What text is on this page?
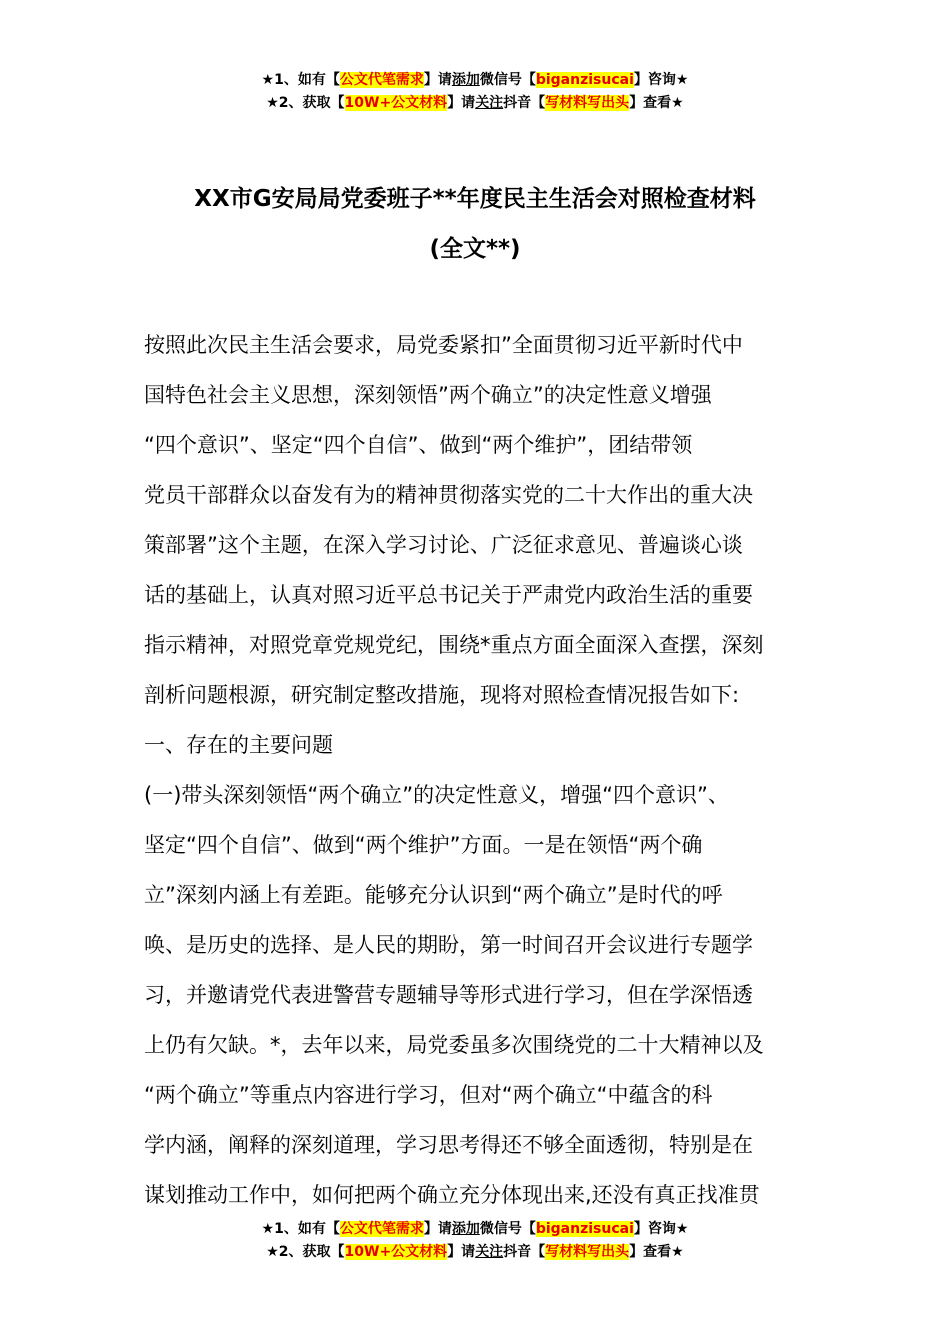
★1、如有【公文代笔需求】请添加微信号【biganzisucai】咨询★
★2、获取【10W+公文材料】请关注抖音【写材料写出头】查看★
XX市G安局局党委班子**年度民主生活会对照检查材料
(全文**)
按照此次民主生活会要求，局党委紧扣”全面贯彻习近平新时代中
国特色社会主义思想，深刻领悟”两个确立”的决定性意义增强
“四个意识”、坚定“四个自信”、做到“两个维护”，团结带领
党员干部群众以奋发有为的精神贯彻落实党的二十大作出的重大决
策部署”这个主题，在深入学习讨论、广泛征求意见、普遍谈心谈
话的基础上，认真对照习近平总书记关于严肃党内政治生活的重要
指示精神，对照党章党规党纪，围绕*重点方面全面深入查摆，深刻
剖析问题根源，研究制定整改措施，现将对照检查情况报告如下:
一、存在的主要问题
(一)带头深刻领悟“两个确立”的决定性意义，增强“四个意识”、
坚定“四个自信”、做到“两个维护”方面。一是在领悟“两个确
立”深刻内涵上有差距。能够充分认识到“两个确立”是时代的呼
唤、是历史的选择、是人民的期盼，第一时间召开会议进行专题学
习，并邀请党代表进警营专题辅导等形式进行学习，但在学深悟透
上仍有欠缺。*，去年以来，局党委虽多次围绕党的二十大精神以及
“两个确立”等重点内容进行学习，但对“两个确立“中蕴含的科
学内涵，阐释的深刻道理，学习思考得还不够全面透彻，特别是在
谋划推动工作中，如何把两个确立充分体现出来,还没有真正找准贯
★1、如有【公文代笔需求】请添加微信号【biganzisucai】咨询★
★2、获取【10W+公文材料】请关注抖音【写材料写出头】查看★
